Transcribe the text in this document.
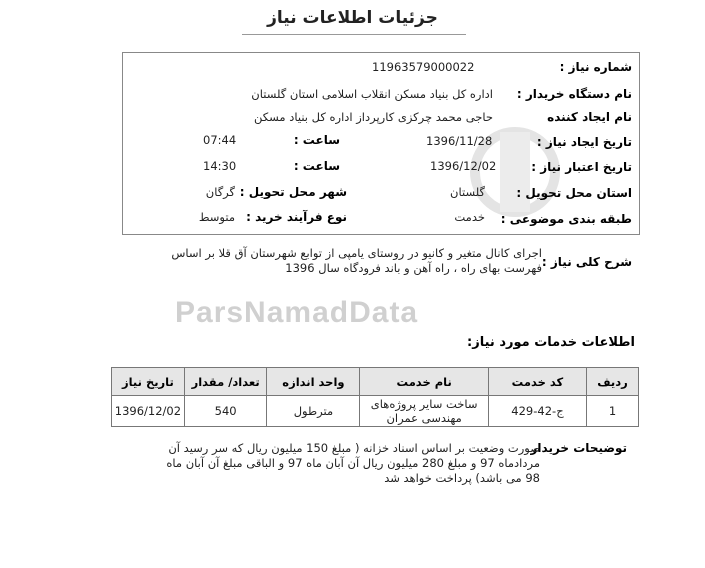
جزئیات اطلاعات نیاز
شماره نیاز :
11963579000022
نام دستگاه خریدار :
اداره کل بنیاد مسکن انقلاب اسلامی استان گلستان
نام ایجاد کننده
حاجی محمد چرکزی کارپرداز اداره کل بنیاد مسکن
تاریخ ایجاد نیاز :
1396/11/28
ساعت :
07:44
تاریخ اعتبار نیاز :
1396/12/02
ساعت :
14:30
استان محل تحویل :
گلستان
شهر محل تحویل :
گرگان
طبقه بندی موضوعی :
خدمت
نوع فرآیند خرید :
متوسط
شرح کلی نیاز :
اجرای کانال متغیر و کانیو در روستای یامپی از توابع شهرستان آق قلا بر اساس فهرست بهای راه ، راه آهن و باند فرودگاه سال 1396
ParsNamadData
اطلاعات خدمات مورد نیاز:
ردیف	کد خدمت	نام خدمت	واحد اندازه	تعداد/ مقدار	تاریخ نیاز
1	ج-42-429	ساخت سایر پروژه‌های مهندسی عمران	مترطول	540	1396/12/02
توضیحات خریدار
صورت وضعیت بر اساس اسناد خزانه ( مبلغ 150 میلیون ریال که سر رسید آن مردادماه 97 و مبلغ 280 میلیون ریال آن آبان ماه 97 و الباقی مبلغ آن آبان ماه 98 می باشد) پرداخت خواهد شد
